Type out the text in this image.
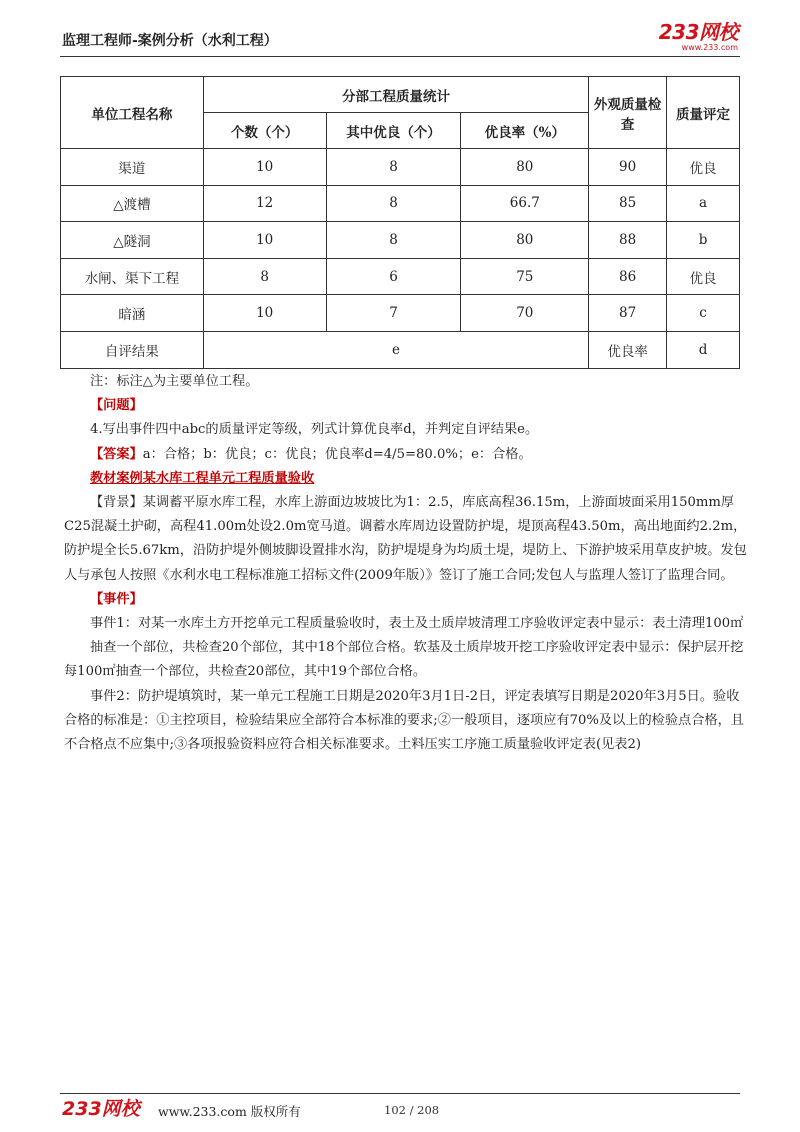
监理工程师-案例分析（水利工程）	233网校
www.233.com
单位工程名称	分部工程质量统计			外观质量检查	质量评定
	个数（个）	其中优良（个）	优良率（%）		
渠道	10	8	80	90	优良
△渡槽	12	8	66.7	85	a
△隧洞	10	8	80	88	b
水闸、渠下工程	8	6	75	86	优良
暗涵	10	7	70	87	c
自评结果	e			优良率	d

注：标注△为主要单位工程。

【问题】

4.写出事件四中abc的质量评定等级，列式计算优良率d，并判定自评结果e。

【答案】a：合格；b：优良；c：优良；优良率d=4/5=80.0%；e：合格。

教材案例某水库工程单元工程质量验收

【背景】某调蓄平原水库工程，水库上游面边坡坡比为1：2.5，库底高程36.15m，上游面坡面采用150mm厚C25混凝土护砌，高程41.00m处设2.0m宽马道。调蓄水库周边设置防护堤，堤顶高程43.50m，高出地面约2.2m，防护堤全长5.67km，沿防护堤外侧坡脚设置排水沟，防护堤堤身为均质土堤，堤防上、下游护坡采用草皮护坡。发包人与承包人按照《水利水电工程标准施工招标文件(2009年版）》签订了施工合同;发包人与监理人签订了监理合同。

【事件】

事件1：对某一水库土方开挖单元工程质量验收时，表土及土质岸坡清理工序验收评定表中显示：表土清理100㎡

抽查一个部位，共检查20个部位，其中18个部位合格。软基及土质岸坡开挖工序验收评定表中显示：保护层开挖每100㎡抽查一个部位，共检查20部位，其中19个部位合格。

事件2：防护堤填筑时，某一单元工程施工日期是2020年3月1日-2日，评定表填写日期是2020年3月5日。验收合格的标准是：①主控项目，检验结果应全部符合本标准的要求;②一般项目，逐项应有70%及以上的检验点合格，且不合格点不应集中;③各项报验资料应符合相关标准要求。土料压实工序施工质量验收评定表(见表2)

233网校 www.233.com 版权所有	102 / 208
